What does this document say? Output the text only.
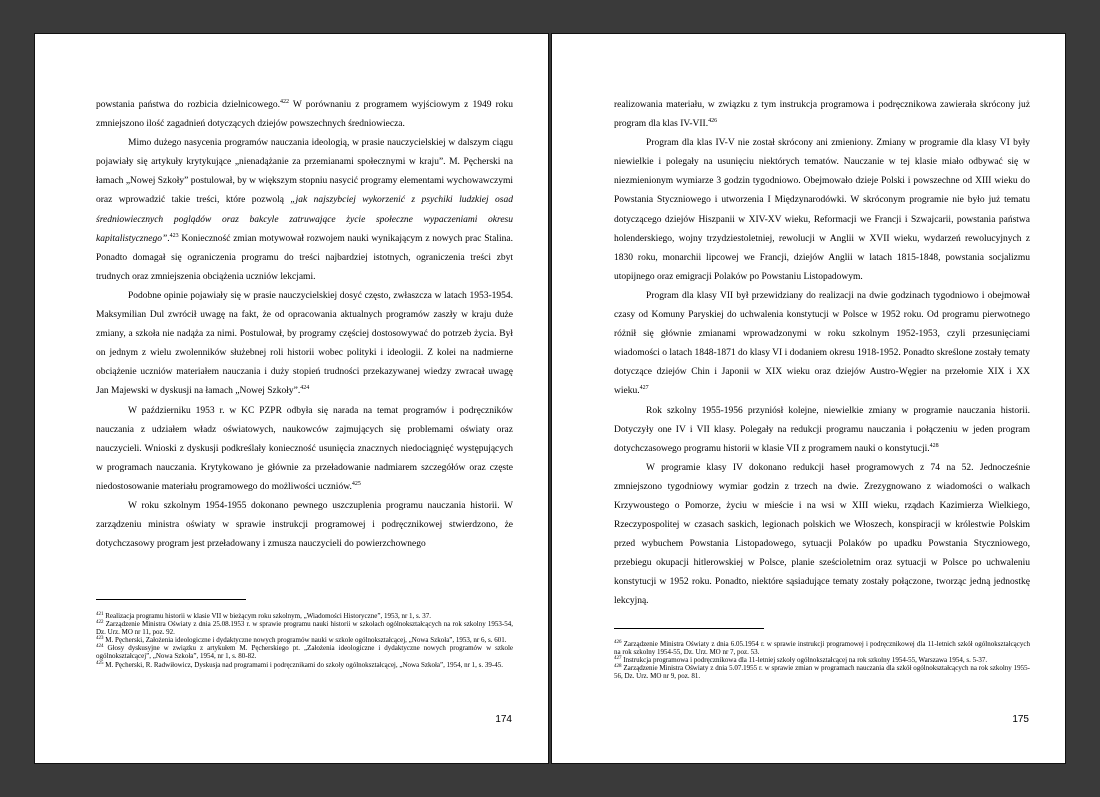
powstania państwa do rozbicia dzielnicowego.$^{422}$ W porównaniu z programem wyjściowym z 1949 roku zmniejszono ilość zagadnień dotyczących dziejów powszechnych średniowiecza.

Mimo dużego nasycenia programów nauczania ideologią, w prasie nauczycielskiej w dalszym ciągu pojawiały się artykuły krytykujące „nienadążanie za przemianami społecznymi w kraju”. M. Pęcherski na łamach „Nowej Szkoły” postulował, by w większym stopniu nasycić programy elementami wychowawczymi oraz wprowadzić takie treści, które pozwolą „jak najszybciej wykorzenić z psychiki ludzkiej osad średniowiecznych poglądów oraz bakcyle zatruwające życie społeczne wypaczeniami okresu kapitalistycznego”.$^{423}$ Konieczność zmian motywował rozwojem nauki wynikającym z nowych prac Stalina. Ponadto domagał się ograniczenia programu do treści najbardziej istotnych, ograniczenia treści zbyt trudnych oraz zmniejszenia obciążenia uczniów lekcjami.

Podobne opinie pojawiały się w prasie nauczycielskiej dosyć często, zwłaszcza w latach 1953-1954. Maksymilian Dul zwrócił uwagę na fakt, że od opracowania aktualnych programów zaszły w kraju duże zmiany, a szkoła nie nadąża za nimi. Postulował, by programy częściej dostosowywać do potrzeb życia. Był on jednym z wielu zwolenników służebnej roli historii wobec polityki i ideologii. Z kolei na nadmierne obciążenie uczniów materiałem nauczania i duży stopień trudności przekazywanej wiedzy zwracał uwagę Jan Majewski w dyskusji na łamach „Nowej Szkoły”.$^{424}$

W październiku 1953 r. w KC PZPR odbyła się narada na temat programów i podręczników nauczania z udziałem władz oświatowych, naukowców zajmujących się problemami oświaty oraz nauczycieli. Wnioski z dyskusji podkreślały konieczność usunięcia znacznych niedociągnięć występujących w programach nauczania. Krytykowano je głównie za przeładowanie nadmiarem szczegółów oraz częste niedostosowanie materiału programowego do możliwości uczniów.$^{425}$

W roku szkolnym 1954-1955 dokonano pewnego uszczuplenia programu nauczania historii. W zarządzeniu ministra oświaty w sprawie instrukcji programowej i podręcznikowej stwierdzono, że dotychczasowy program jest przeładowany i zmusza nauczycieli do powierzchownego

$^{421}$ Realizacja programu historii w klasie VII w bieżącym roku szkolnym, „Wiadomości Historyczne”, 1953, nr 1, s. 37.

$^{422}$ Zarządzenie Ministra Oświaty z dnia 25.08.1953 r. w sprawie programu nauki historii w szkołach ogólnokształcących na rok szkolny 1953-54, Dz. Urz. MO nr 11, poz. 92.

$^{423}$ M. Pęcherski, Założenia ideologiczne i dydaktyczne nowych programów nauki w szkole ogólnokształcącej, „Nowa Szkoła”, 1953, nr 6, s. 601.

$^{424}$ Głosy dyskusyjne w związku z artykułem M. Pęcherskiego pt. „Założenia ideologiczne i dydaktyczne nowych programów w szkole ogólnokształcącej”, „Nowa Szkoła”, 1954, nr 1, s. 80-82.

$^{425}$ M. Pęcherski, R. Radwiłowicz, Dyskusja nad programami i podręcznikami do szkoły ogólnokształcącej, „Nowa Szkoła”, 1954, nr 1, s. 39-45.

174

realizowania materiału, w związku z tym instrukcja programowa i podręcznikowa zawierała skrócony już program dla klas IV-VII.$^{426}$

Program dla klas IV-V nie został skrócony ani zmieniony. Zmiany w programie dla klasy VI były niewielkie i polegały na usunięciu niektórych tematów. Nauczanie w tej klasie miało odbywać się w niezmienionym wymiarze 3 godzin tygodniowo. Obejmowało dzieje Polski i powszechne od XIII wieku do Powstania Styczniowego i utworzenia I Międzynarodówki. W skróconym programie nie było już tematu dotyczącego dziejów Hiszpanii w XIV-XV wieku, Reformacji we Francji i Szwajcarii, powstania państwa holenderskiego, wojny trzydziestoletniej, rewolucji w Anglii w XVII wieku, wydarzeń rewolucyjnych z 1830 roku, monarchii lipcowej we Francji, dziejów Anglii w latach 1815-1848, powstania socjalizmu utopijnego oraz emigracji Polaków po Powstaniu Listopadowym.

Program dla klasy VII był przewidziany do realizacji na dwie godzinach tygodniowo i obejmował czasy od Komuny Paryskiej do uchwalenia konstytucji w Polsce w 1952 roku. Od programu pierwotnego różnił się głównie zmianami wprowadzonymi w roku szkolnym 1952-1953, czyli przesunięciami wiadomości o latach 1848-1871 do klasy VI i dodaniem okresu 1918-1952. Ponadto skreślone zostały tematy dotyczące dziejów Chin i Japonii w XIX wieku oraz dziejów Austro-Węgier na przełomie XIX i XX wieku.$^{427}$

Rok szkolny 1955-1956 przyniósł kolejne, niewielkie zmiany w programie nauczania historii. Dotyczyły one IV i VII klasy. Polegały na redukcji programu nauczania i połączeniu w jeden program dotychczasowego programu historii w klasie VII z programem nauki o konstytucji.$^{428}$

W programie klasy IV dokonano redukcji haseł programowych z 74 na 52. Jednocześnie zmniejszono tygodniowy wymiar godzin z trzech na dwie. Zrezygnowano z wiadomości o walkach Krzywoustego o Pomorze, życiu w mieście i na wsi w XIII wieku, rządach Kazimierza Wielkiego, Rzeczypospolitej w czasach saskich, legionach polskich we Włoszech, konspiracji w królestwie Polskim przed wybuchem Powstania Listopadowego, sytuacji Polaków po upadku Powstania Styczniowego, przebiegu okupacji hitlerowskiej w Polsce, planie sześcioletnim oraz sytuacji w Polsce po uchwaleniu konstytucji w 1952 roku. Ponadto, niektóre sąsiadujące tematy zostały połączone, tworząc jedną jednostkę lekcyjną.

$^{426}$ Zarządzenie Ministra Oświaty z dnia 6.05.1954 r. w sprawie instrukcji programowej i podręcznikowej dla 11-letnich szkół ogólnokształcących na rok szkolny 1954-55, Dz. Urz. MO nr 7, poz. 53.

$^{427}$ Instrukcja programowa i podręcznikowa dla 11-letniej szkoły ogólnokształcącej na rok szkolny 1954-55, Warszawa 1954, s. 5-37.

$^{428}$ Zarządzenie Ministra Oświaty z dnia 5.07.1955 r. w sprawie zmian w programach nauczania dla szkół ogólnokształcących na rok szkolny 1955-56, Dz. Urz. MO nr 9, poz. 81.

175
